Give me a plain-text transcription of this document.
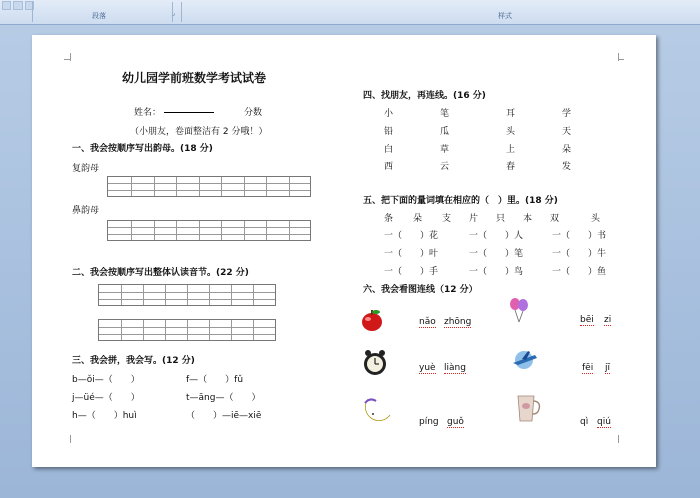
段落	⌟	样式
幼儿园学前班数学考试试卷
姓名：	分数
（小朋友，卷面整洁有 2 分哦！）
一、我会按顺序写出韵母。(18 分)
复韵母
鼻韵母
二、我会按顺序写出整体认读音节。(22 分)
三、我会拼，我会写。(12 分)
b—ǒi—（　　）	f—（　　）fǔ
j—üé—（　　）	t—āng—（　　）
h—（　　）huì	（　　）—iē—xiē
四、找朋友，再连线。(16 分)
小	笔	耳	学
铅	瓜	头	天
白	草	上	朵
西	云	春	发
五、把下面的量词填在相应的（　）里。(18 分)
条 朵 支 片 只 本 双	头
一（　　）花	一（　　）人	一（　　）书
一（　　）叶	一（　　）笔	一（　　）牛
一（　　）手	一（　　）鸟	一（　　）鱼
六、我会看图连线（12 分）
nǎo zhōng	bēi zi
yuè liàng	fēi jī
píng guǒ	qì qiú
